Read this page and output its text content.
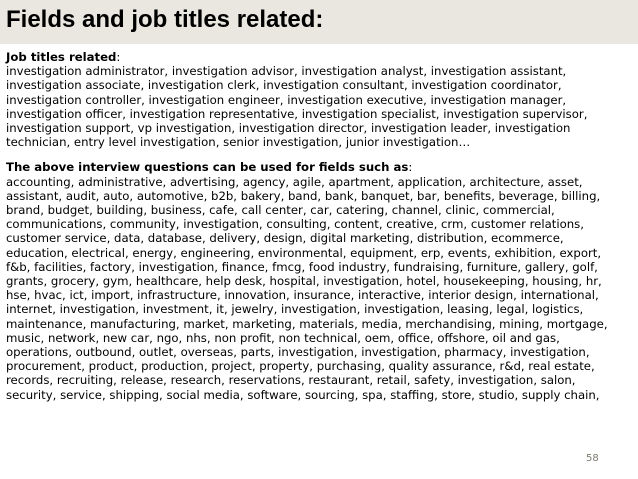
Fields and job titles related:
Job titles related:
investigation administrator, investigation advisor, investigation analyst, investigation assistant,
investigation associate, investigation clerk, investigation consultant, investigation coordinator,
investigation controller, investigation engineer, investigation executive, investigation manager,
investigation officer, investigation representative, investigation specialist, investigation supervisor,
investigation support, vp investigation, investigation director, investigation leader, investigation
technician, entry level investigation, senior investigation, junior investigation…
The above interview questions can be used for fields such as:
accounting, administrative, advertising, agency, agile, apartment, application, architecture, asset,
assistant, audit, auto, automotive, b2b, bakery, band, bank, banquet, bar, benefits, beverage, billing,
brand, budget, building, business, cafe, call center, car, catering, channel, clinic, commercial,
communications, community, investigation, consulting, content, creative, crm, customer relations,
customer service, data, database, delivery, design, digital marketing, distribution, ecommerce,
education, electrical, energy, engineering, environmental, equipment, erp, events, exhibition, export,
f&b, facilities, factory, investigation, finance, fmcg, food industry, fundraising, furniture, gallery, golf,
grants, grocery, gym, healthcare, help desk, hospital, investigation, hotel, housekeeping, housing, hr,
hse, hvac, ict, import, infrastructure, innovation, insurance, interactive, interior design, international,
internet, investigation, investment, it, jewelry, investigation, investigation, leasing, legal, logistics,
maintenance, manufacturing, market, marketing, materials, media, merchandising, mining, mortgage,
music, network, new car, ngo, nhs, non profit, non technical, oem, office, offshore, oil and gas,
operations, outbound, outlet, overseas, parts, investigation, investigation, pharmacy, investigation,
procurement, product, production, project, property, purchasing, quality assurance, r&d, real estate,
records, recruiting, release, research, reservations, restaurant, retail, safety, investigation, salon,
security, service, shipping, social media, software, sourcing, spa, staffing, store, studio, supply chain,
58
